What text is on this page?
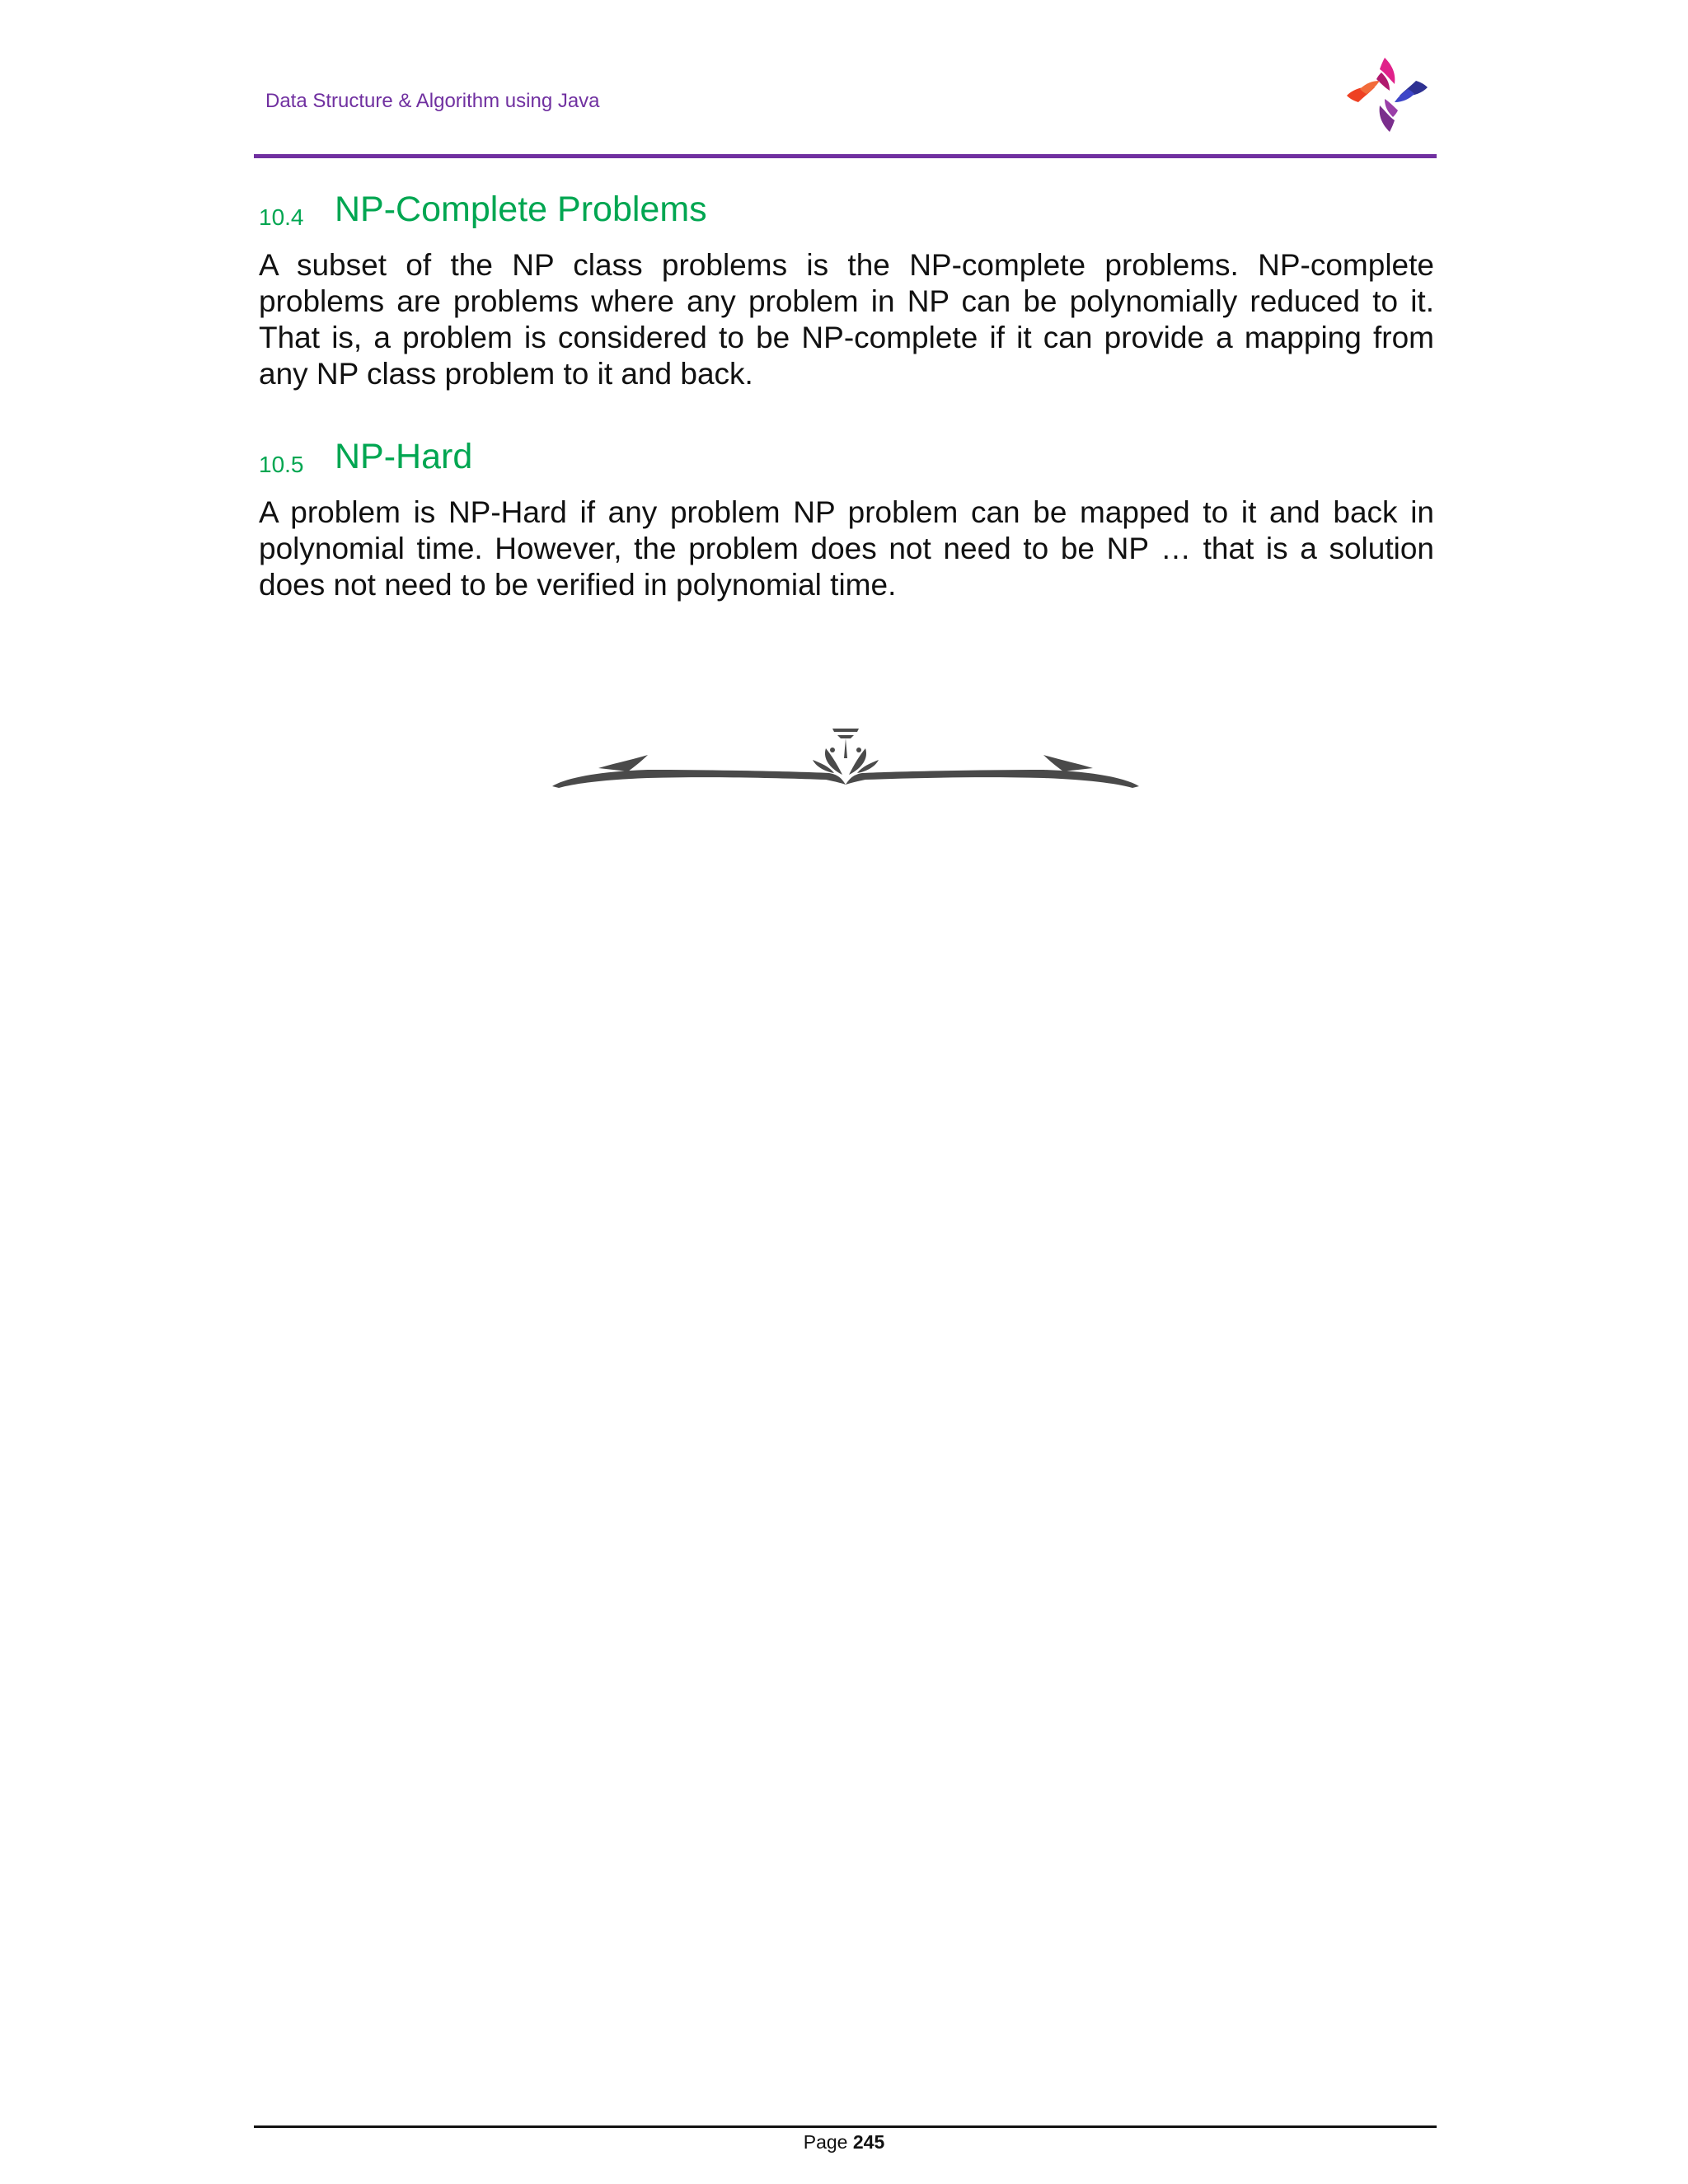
Data Structure & Algorithm using Java
10.4 NP-Complete Problems

A subset of the NP class problems is the NP-complete problems. NP-complete problems are problems where any problem in NP can be polynomially reduced to it. That is, a problem is considered to be NP-complete if it can provide a mapping from any NP class problem to it and back.

10.5 NP-Hard

A problem is NP-Hard if any problem NP problem can be mapped to it and back in polynomial time. However, the problem does not need to be NP … that is a solution does not need to be verified in polynomial time.

Page 245
